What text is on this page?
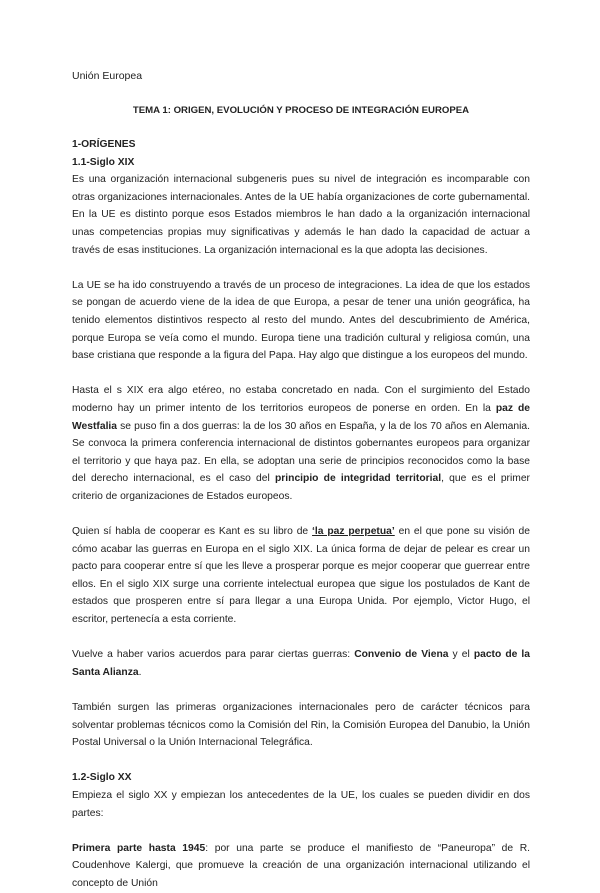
Unión Europea
TEMA 1: ORIGEN, EVOLUCIÓN Y PROCESO DE INTEGRACIÓN EUROPEA

1-ORÍGENES

1.1-Siglo XIX

Es una organización internacional subgeneris pues su nivel de integración es incomparable con otras organizaciones internacionales. Antes de la UE había organizaciones de corte gubernamental. En la UE es distinto porque esos Estados miembros le han dado a la organización internacional unas competencias propias muy significativas y además le han dado la capacidad de actuar a través de esas instituciones. La organización internacional es la que adopta las decisiones.

La UE se ha ido construyendo a través de un proceso de integraciones. La idea de que los estados se pongan de acuerdo viene de la idea de que Europa, a pesar de tener una unión geográfica, ha tenido elementos distintivos respecto al resto del mundo. Antes del descubrimiento de América, porque Europa se veía como el mundo. Europa tiene una tradición cultural y religiosa común, una base cristiana que responde a la figura del Papa. Hay algo que distingue a los europeos del mundo.

Hasta el s XIX era algo etéreo, no estaba concretado en nada. Con el surgimiento del Estado moderno hay un primer intento de los territorios europeos de ponerse en orden. En la paz de Westfalia se puso fin a dos guerras: la de los 30 años en España, y la de los 70 años en Alemania. Se convoca la primera conferencia internacional de distintos gobernantes europeos para organizar el territorio y que haya paz. En ella, se adoptan una serie de principios reconocidos como la base del derecho internacional, es el caso del principio de integridad territorial, que es el primer criterio de organizaciones de Estados europeos.

Quien sí habla de cooperar es Kant es su libro de ‘la paz perpetua’ en el que pone su visión de cómo acabar las guerras en Europa en el siglo XIX. La única forma de dejar de pelear es crear un pacto para cooperar entre sí que les lleve a prosperar porque es mejor cooperar que guerrear entre ellos. En el siglo XIX surge una corriente intelectual europea que sigue los postulados de Kant de estados que prosperen entre sí para llegar a una Europa Unida. Por ejemplo, Victor Hugo, el escritor, pertenecía a esta corriente.

Vuelve a haber varios acuerdos para parar ciertas guerras: Convenio de Viena y el pacto de la Santa Alianza.

También surgen las primeras organizaciones internacionales pero de carácter técnicos para solventar problemas técnicos como la Comisión del Rin, la Comisión Europea del Danubio, la Unión Postal Universal o la Unión Internacional Telegráfica.

1.2-Siglo XX

Empieza el siglo XX y empiezan los antecedentes de la UE, los cuales se pueden dividir en dos partes:

Primera parte hasta 1945: por una parte se produce el manifiesto de “Paneuropa” de R. Coudenhove Kalergi, que promueve la creación de una organización internacional utilizando el concepto de Unión
